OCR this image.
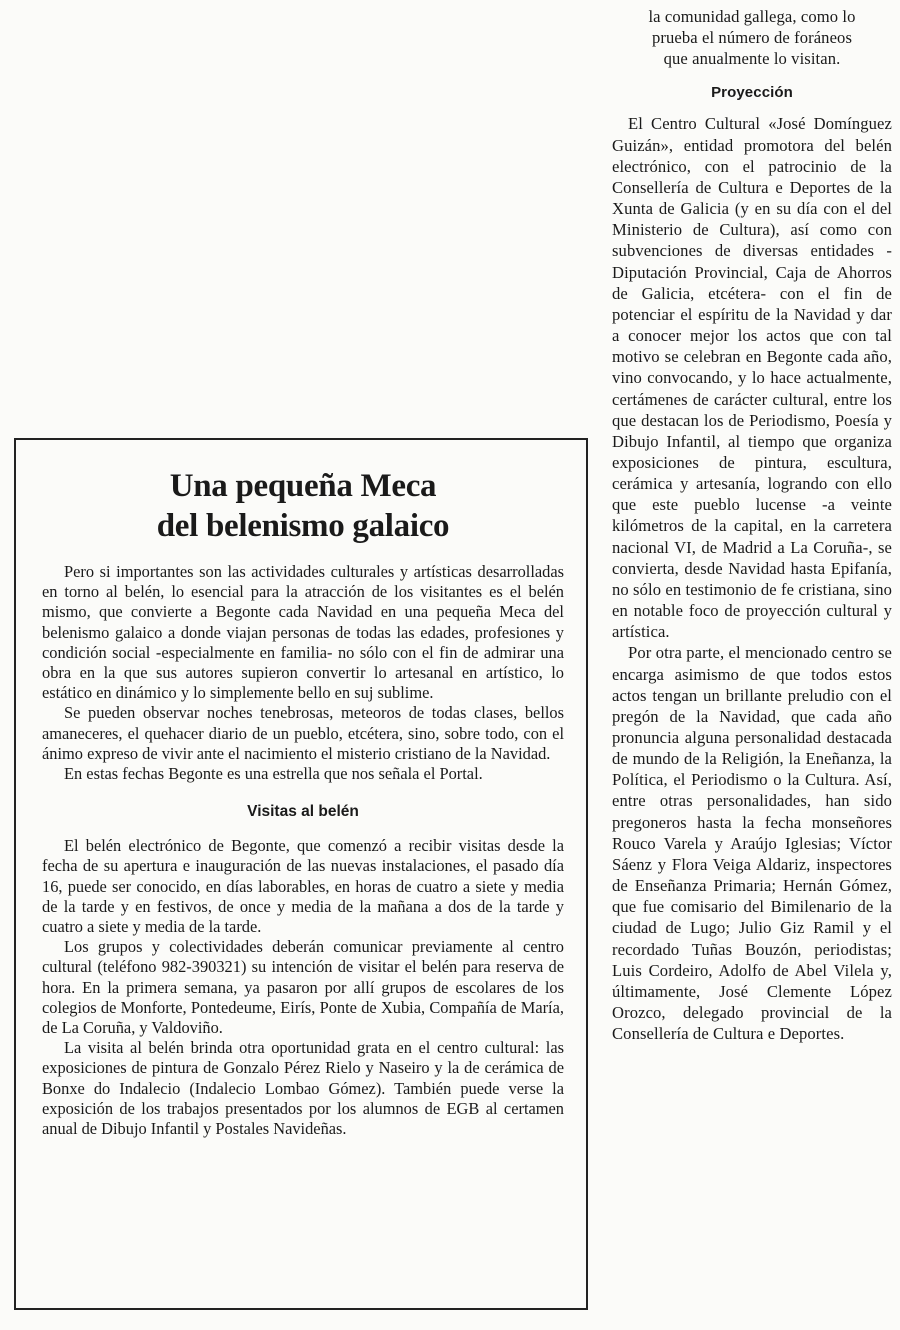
la comunidad gallega, como lo

prueba el número de foráneos

que anualmente lo visitan.

Proyección

El Centro Cultural «José Domínguez Guizán», entidad promotora del belén electrónico, con el patrocinio de la Consellería de Cultura e Deportes de la Xunta de Galicia (y en su día con el del Ministerio de Cultura), así como con subvenciones de diversas entidades -Diputación Provincial, Caja de Ahorros de Galicia, etcétera- con el fin de potenciar el espíritu de la Navidad y dar a conocer mejor los actos que con tal motivo se celebran en Begonte cada año, vino convocando, y lo hace actualmente, certámenes de carácter cultural, entre los que destacan los de Periodismo, Poesía y Dibujo Infantil, al tiempo que organiza exposiciones de pintura, escultura, cerámica y artesanía, logrando con ello que este pueblo lucense -a veinte kilómetros de la capital, en la carretera nacional VI, de Madrid a La Coruña-, se convierta, desde Navidad hasta Epifanía, no sólo en testimonio de fe cristiana, sino en notable foco de proyección cultural y artística.

Por otra parte, el mencionado centro se encarga asimismo de que todos estos actos tengan un brillante preludio con el pregón de la Navidad, que cada año pronuncia alguna personalidad destacada de mundo de la Religión, la Eneñanza, la Política, el Periodismo o la Cultura. Así, entre otras personalidades, han sido pregoneros hasta la fecha monseñores Rouco Varela y Araújo Iglesias; Víctor Sáenz y Flora Veiga Aldariz, inspectores de Enseñanza Primaria; Hernán Gómez, que fue comisario del Bimilenario de la ciudad de Lugo; Julio Giz Ramil y el recordado Tuñas Bouzón, periodistas; Luis Cordeiro, Adolfo de Abel Vilela y, últimamente, José Clemente López Orozco, delegado provincial de la Consellería de Cultura e Deportes.

Una pequeña Meca
del belenismo galaico

Pero si importantes son las actividades culturales y artísticas desarrolladas en torno al belén, lo esencial para la atracción de los visitantes es el belén mismo, que convierte a Begonte cada Navidad en una pequeña Meca del belenismo galaico a donde viajan personas de todas las edades, profesiones y condición social -especialmente en familia- no sólo con el fin de admirar una obra en la que sus autores supieron convertir lo artesanal en artístico, lo estático en dinámico y lo simplemente bello en suj sublime.

Se pueden observar noches tenebrosas, meteoros de todas clases, bellos amaneceres, el quehacer diario de un pueblo, etcétera, sino, sobre todo, con el ánimo expreso de vivir ante el nacimiento el misterio cristiano de la Navidad.

En estas fechas Begonte es una estrella que nos señala el Portal.

Visitas al belén

El belén electrónico de Begonte, que comenzó a recibir visitas desde la fecha de su apertura e inauguración de las nuevas instalaciones, el pasado día 16, puede ser conocido, en días laborables, en horas de cuatro a siete y media de la tarde y en festivos, de once y media de la mañana a dos de la tarde y cuatro a siete y media de la tarde.

Los grupos y colectividades deberán comunicar previamente al centro cultural (teléfono 982-390321) su intención de visitar el belén para reserva de hora. En la primera semana, ya pasaron por allí grupos de escolares de los colegios de Monforte, Pontedeume, Eirís, Ponte de Xubia, Compañía de María, de La Coruña, y Valdoviño.

La visita al belén brinda otra oportunidad grata en el centro cultural: las exposiciones de pintura de Gonzalo Pérez Rielo y Naseiro y la de cerámica de Bonxe do Indalecio (Indalecio Lombao Gómez). También puede verse la exposición de los trabajos presentados por los alumnos de EGB al certamen anual de Dibujo Infantil y Postales Navideñas.
